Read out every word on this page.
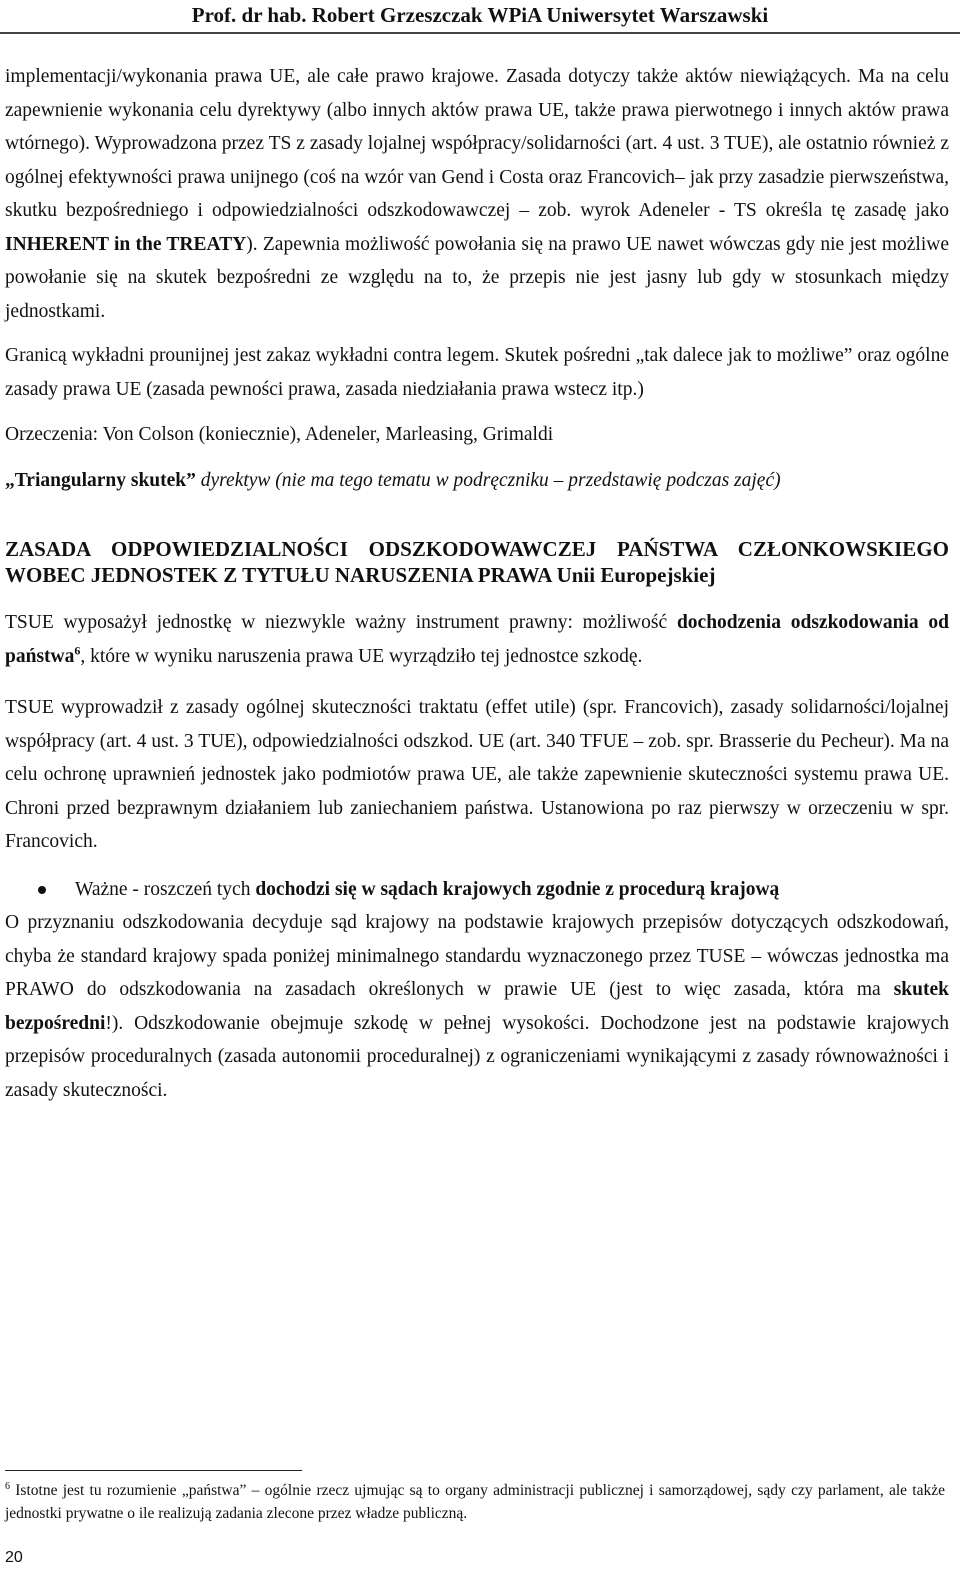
Prof. dr hab. Robert Grzeszczak WPiA Uniwersytet Warszawski

implementacji/wykonania prawa UE, ale całe prawo krajowe. Zasada dotyczy także aktów niewiążących. Ma na celu zapewnienie wykonania celu dyrektywy (albo innych aktów prawa UE, także prawa pierwotnego i innych aktów prawa wtórnego). Wyprowadzona przez TS z zasady lojalnej współpracy/solidarności (art. 4 ust. 3 TUE), ale ostatnio również z ogólnej efektywności prawa unijnego (coś na wzór van Gend i Costa oraz Francovich– jak przy zasadzie pierwszeństwa, skutku bezpośredniego i odpowiedzialności odszkodowawczej – zob. wyrok Adeneler - TS określa tę zasadę jako INHERENT in the TREATY). Zapewnia możliwość powołania się na prawo UE nawet wówczas gdy nie jest możliwe powołanie się na skutek bezpośredni ze względu na to, że przepis nie jest jasny lub gdy w stosunkach między jednostkami.

Granicą wykładni prounijnej jest zakaz wykładni contra legem. Skutek pośredni „tak dalece jak to możliwe” oraz ogólne zasady prawa UE (zasada pewności prawa, zasada niedziałania prawa wstecz itp.)

Orzeczenia: Von Colson (koniecznie), Adeneler, Marleasing, Grimaldi

„Triangularny skutek” dyrektyw (nie ma tego tematu w podręczniku – przedstawię podczas zajęć)

ZASADA ODPOWIEDZIALNOŚCI ODSZKODOWAWCZEJ PAŃSTWA CZŁONKOWSKIEGO WOBEC JEDNOSTEK Z TYTUŁU NARUSZENIA PRAWA Unii Europejskiej

TSUE wyposażył jednostkę w niezwykle ważny instrument prawny: możliwość dochodzenia odszkodowania od państwa$^6$, które w wyniku naruszenia prawa UE wyrządziło tej jednostce szkodę.

TSUE wyprowadził z zasady ogólnej skuteczności traktatu (effet utile) (spr. Francovich), zasady solidarności/lojalnej współpracy (art. 4 ust. 3 TUE), odpowiedzialności odszkod. UE (art. 340 TFUE – zob. spr. Brasserie du Pecheur). Ma na celu ochronę uprawnień jednostek jako podmiotów prawa UE, ale także zapewnienie skuteczności systemu prawa UE. Chroni przed bezprawnym działaniem lub zaniechaniem państwa. Ustanowiona po raz pierwszy w orzeczeniu w spr. Francovich.

Ważne - roszczeń tych dochodzi się w sądach krajowych zgodnie z procedurą krajową

O przyznaniu odszkodowania decyduje sąd krajowy na podstawie krajowych przepisów dotyczących odszkodowań, chyba że standard krajowy spada poniżej minimalnego standardu wyznaczonego przez TUSE – wówczas jednostka ma PRAWO do odszkodowania na zasadach określonych w prawie UE (jest to więc zasada, która ma skutek bezpośredni!). Odszkodowanie obejmuje szkodę w pełnej wysokości. Dochodzone jest na podstawie krajowych przepisów proceduralnych (zasada autonomii proceduralnej) z ograniczeniami wynikającymi z zasady równoważności i zasady skuteczności.

$^6$ Istotne jest tu rozumienie „państwa” – ogólnie rzecz ujmując są to organy administracji publicznej i samorządowej, sądy czy parlament, ale także jednostki prywatne o ile realizują zadania zlecone przez władze publiczną.
20
